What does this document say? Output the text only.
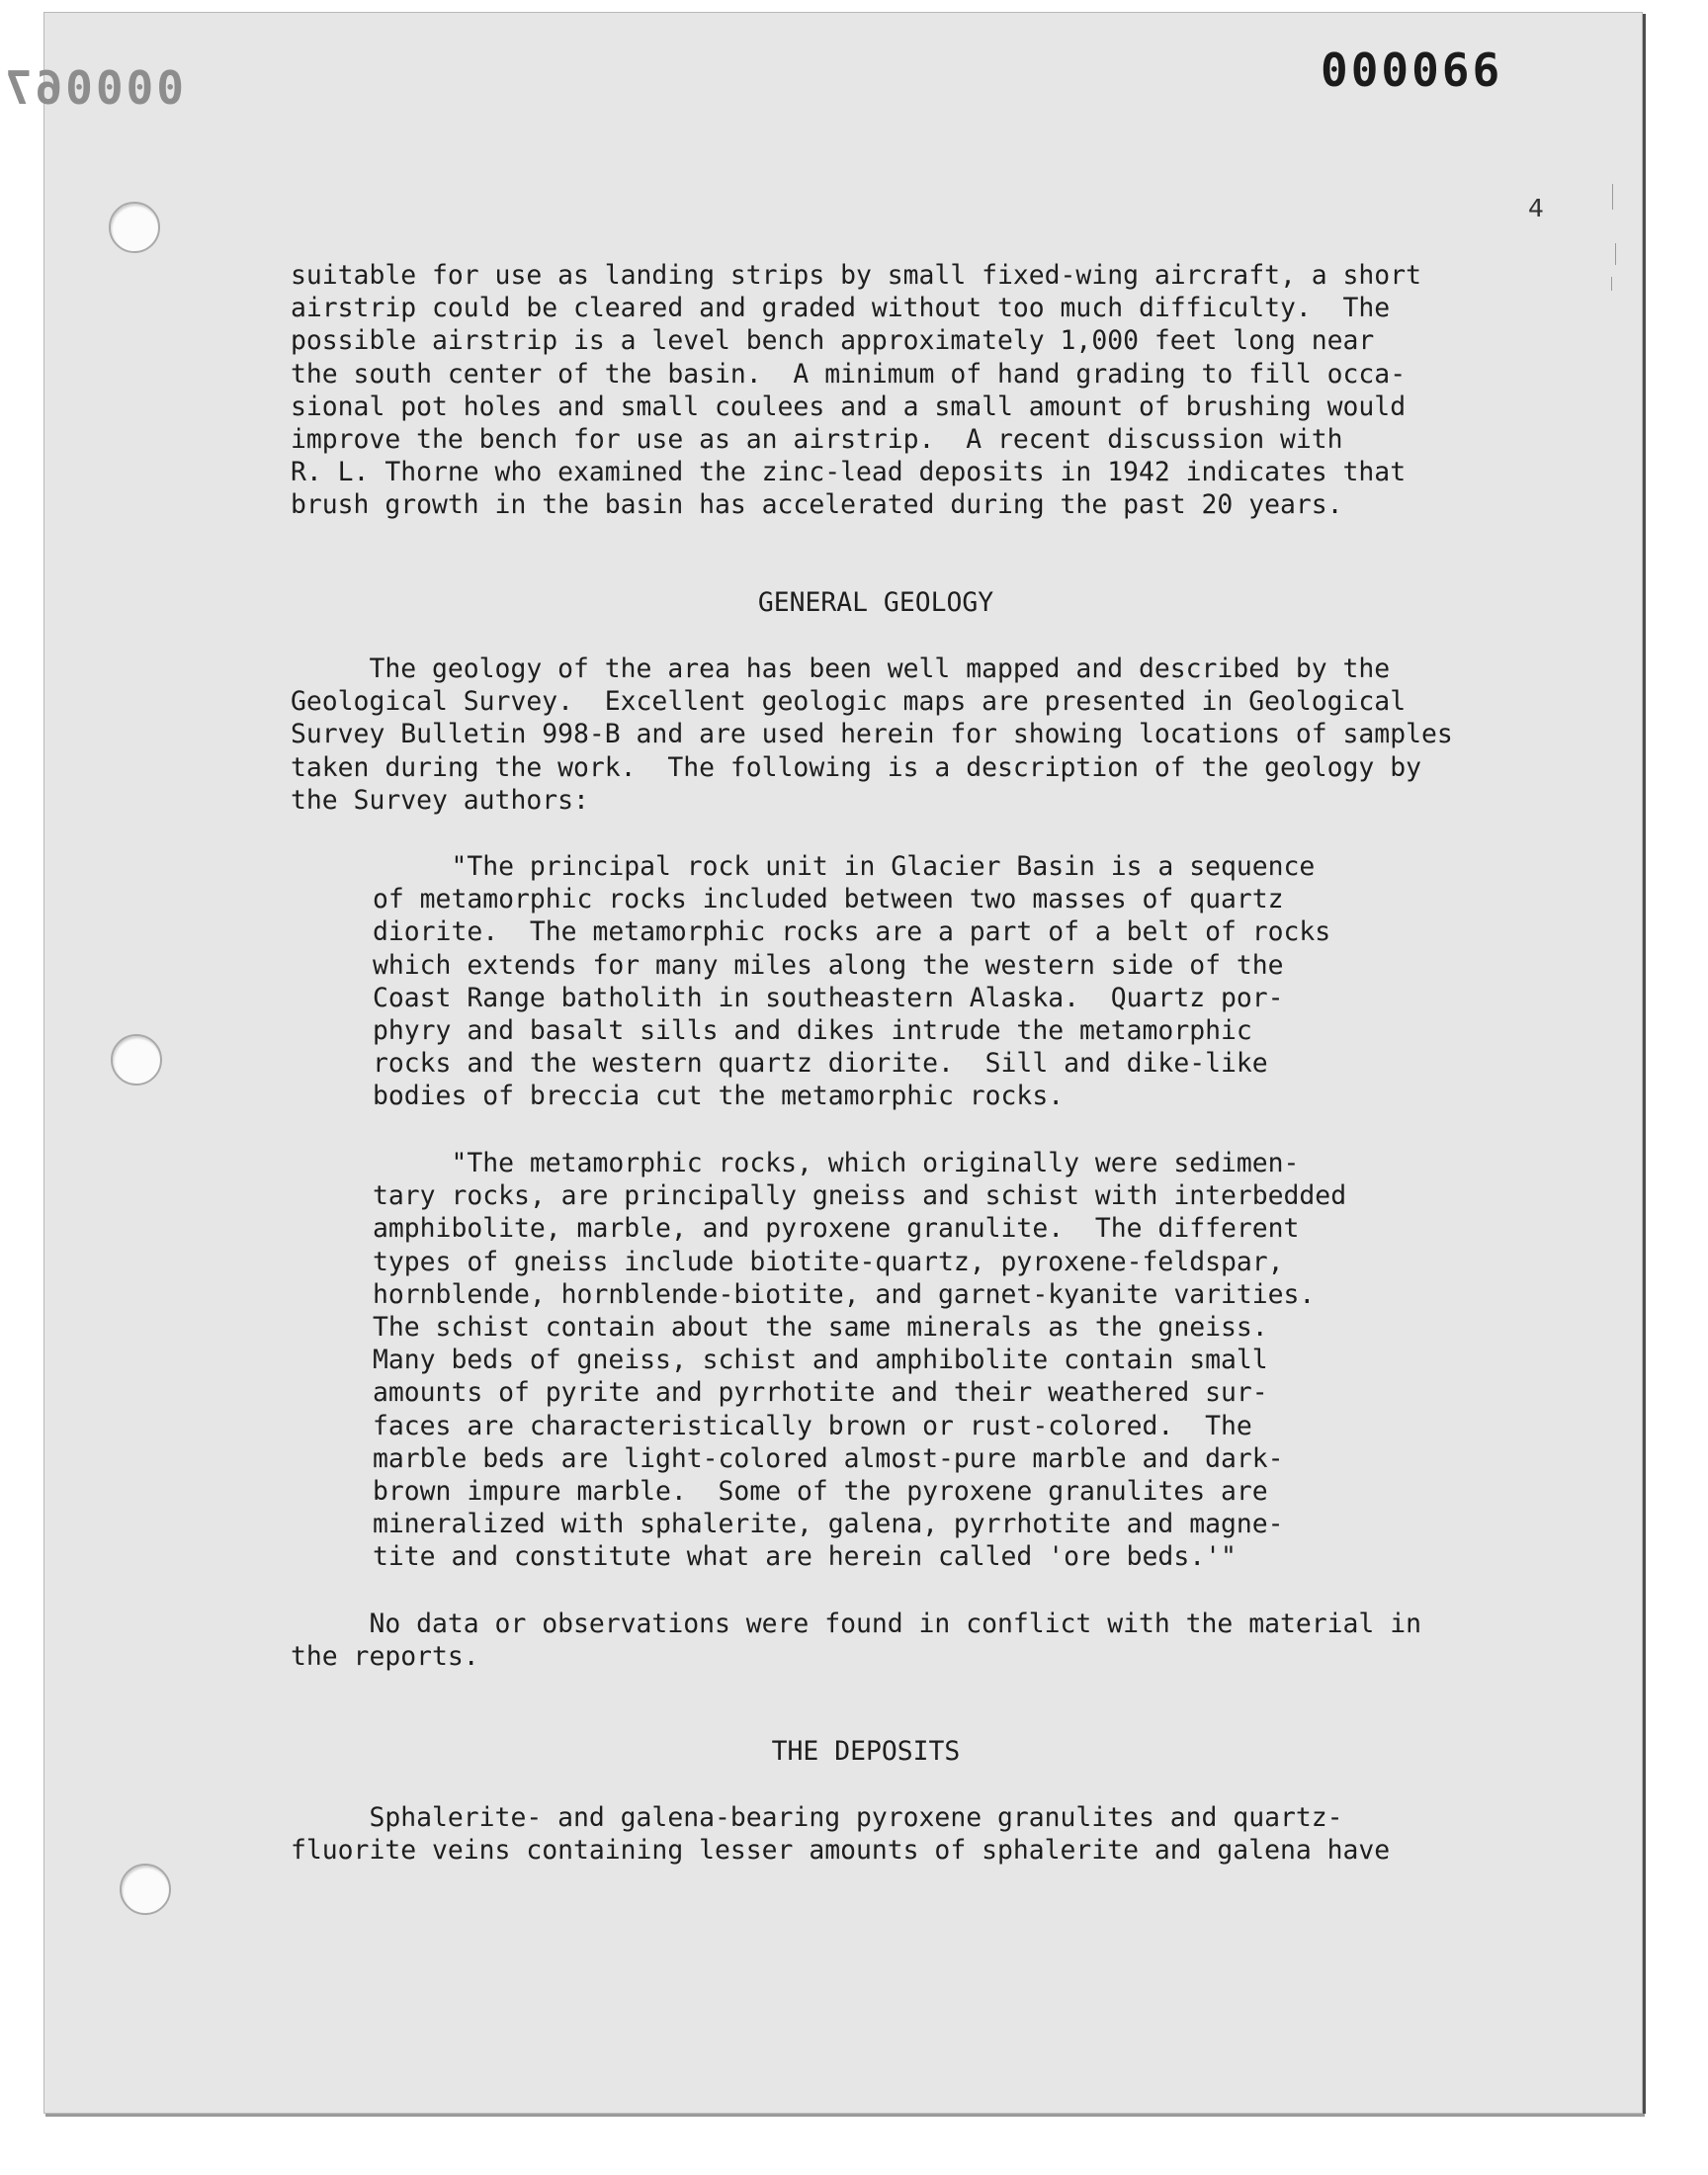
000067	000066
4
suitable for use as landing strips by small fixed-wing aircraft, a short
airstrip could be cleared and graded without too much difficulty.  The
possible airstrip is a level bench approximately 1,000 feet long near
the south center of the basin.  A minimum of hand grading to fill occa-
sional pot holes and small coulees and a small amount of brushing would
improve the bench for use as an airstrip.  A recent discussion with
R. L. Thorne who examined the zinc-lead deposits in 1942 indicates that
brush growth in the basin has accelerated during the past 20 years.
GENERAL GEOLOGY
The geology of the area has been well mapped and described by the
Geological Survey.  Excellent geologic maps are presented in Geological
Survey Bulletin 998-B and are used herein for showing locations of samples
taken during the work.  The following is a description of the geology by
the Survey authors:
"The principal rock unit in Glacier Basin is a sequence
of metamorphic rocks included between two masses of quartz
diorite.  The metamorphic rocks are a part of a belt of rocks
which extends for many miles along the western side of the
Coast Range batholith in southeastern Alaska.  Quartz por-
phyry and basalt sills and dikes intrude the metamorphic
rocks and the western quartz diorite.  Sill and dike-like
bodies of breccia cut the metamorphic rocks.
"The metamorphic rocks, which originally were sedimen-
tary rocks, are principally gneiss and schist with interbedded
amphibolite, marble, and pyroxene granulite.  The different
types of gneiss include biotite-quartz, pyroxene-feldspar,
hornblende, hornblende-biotite, and garnet-kyanite varities.
The schist contain about the same minerals as the gneiss.
Many beds of gneiss, schist and amphibolite contain small
amounts of pyrite and pyrrhotite and their weathered sur-
faces are characteristically brown or rust-colored.  The
marble beds are light-colored almost-pure marble and dark-
brown impure marble.  Some of the pyroxene granulites are
mineralized with sphalerite, galena, pyrrhotite and magne-
tite and constitute what are herein called 'ore beds.'"
No data or observations were found in conflict with the material in
the reports.
THE DEPOSITS
Sphalerite- and galena-bearing pyroxene granulites and quartz-
fluorite veins containing lesser amounts of sphalerite and galena have
